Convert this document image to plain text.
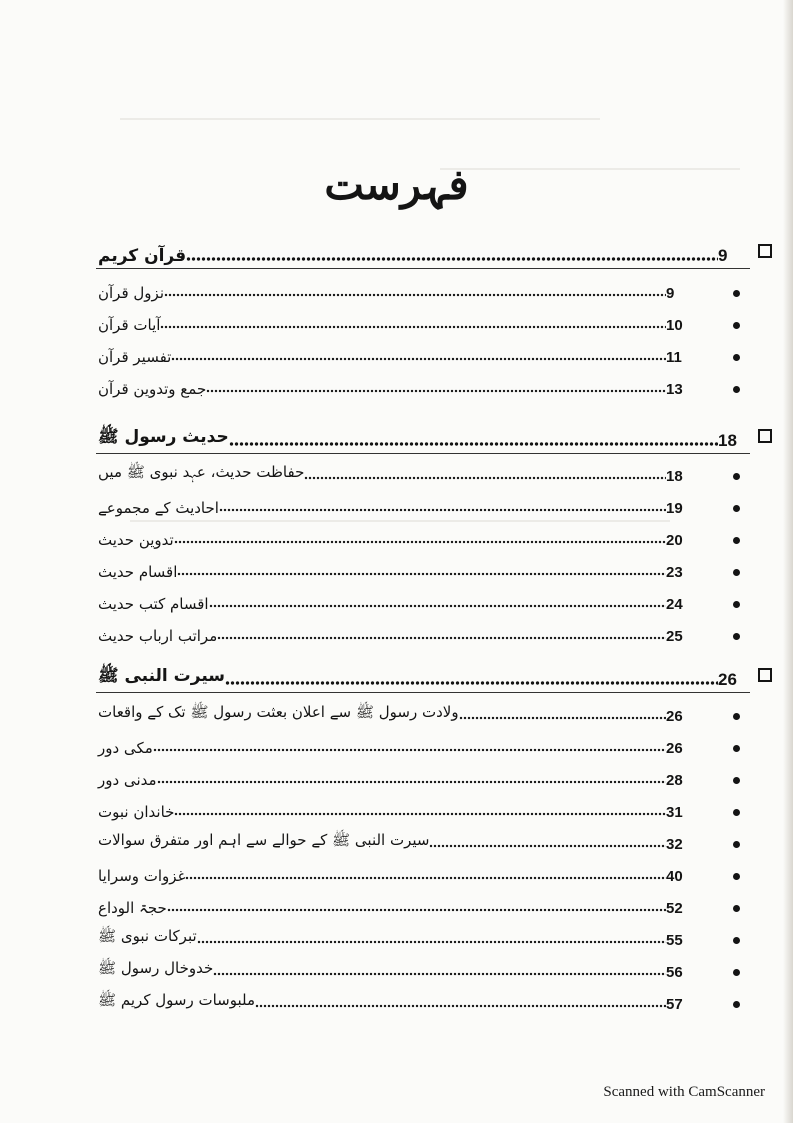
فہرست
قرآن کریم	9
نزول قرآن	9
آیات قرآن	10
تفسیر قرآن	11
جمع وتدوین قرآن	13
حدیث رسول ﷺ	18
حفاظت حدیث، عہد نبوی ﷺ میں	18
احادیث کے مجموعے	19
تدوین حدیث	20
اقسام حدیث	23
اقسام کتب حدیث	24
مراتب ارباب حدیث	25
سیرت النبی ﷺ	26
ولادت رسول ﷺ سے اعلان بعثت رسول ﷺ تک کے واقعات	26
مکی دور	26
مدنی دور	28
خاندان نبوت	31
سیرت النبی ﷺ کے حوالے سے اہم اور متفرق سوالات	32
غزوات وسرایا	40
حجۃ الوداع	52
تبرکات نبوی ﷺ	55
خدوخال رسول ﷺ	56
ملبوسات رسول کریم ﷺ	57
Scanned with CamScanner
